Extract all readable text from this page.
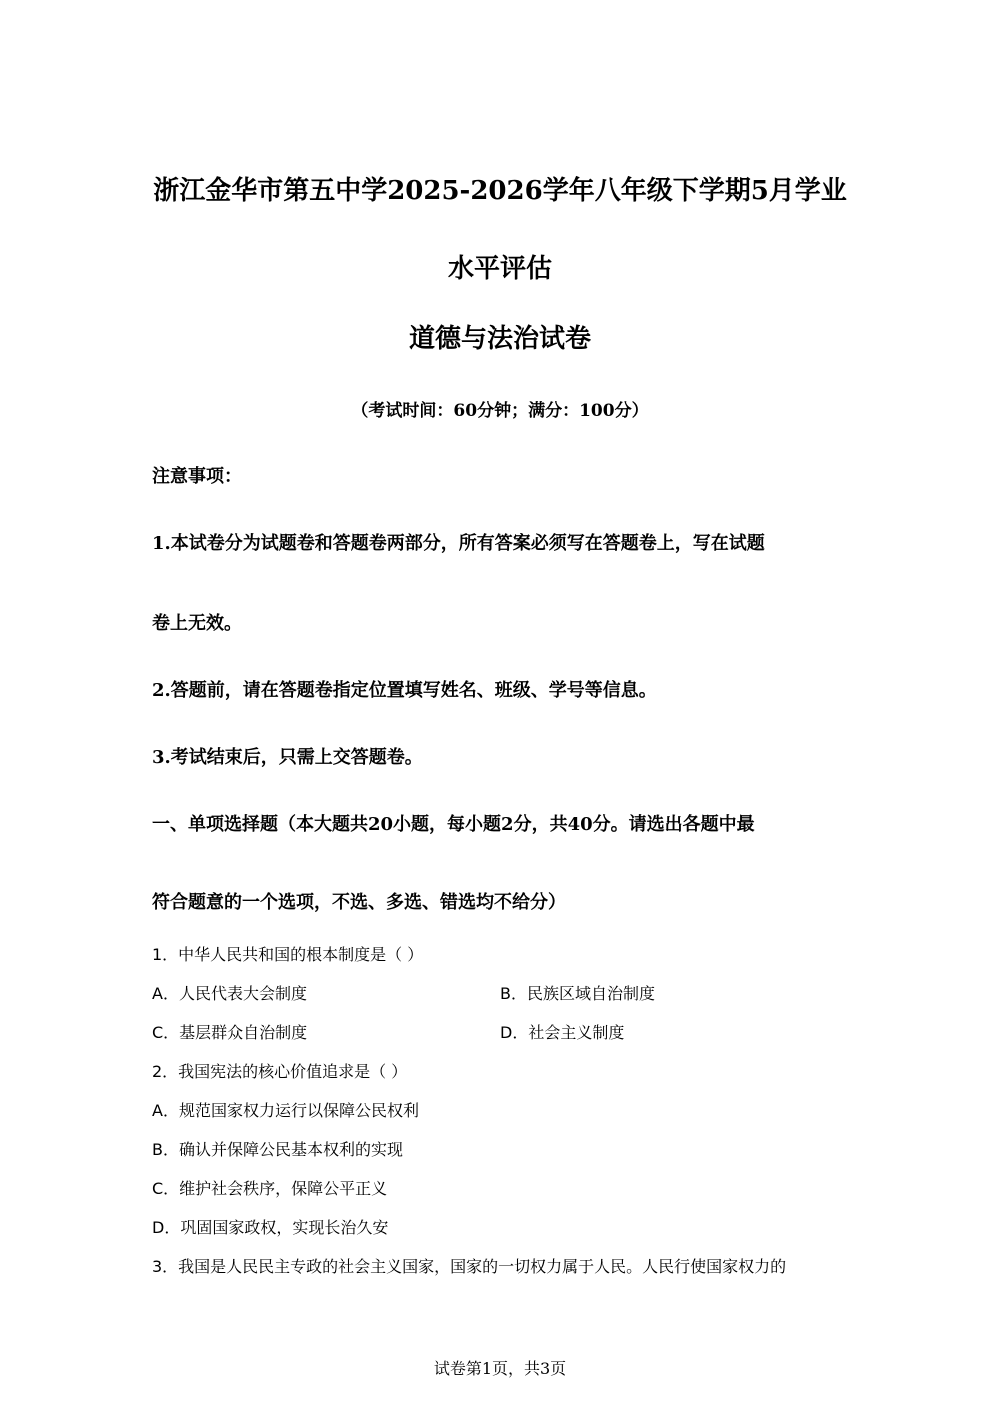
浙江金华市第五中学2025-2026学年八年级下学期5月学业
水平评估
道德与法治试卷
（考试时间：60分钟；满分：100分）
注意事项：
1.本试卷分为试题卷和答题卷两部分，所有答案必须写在答题卷上，写在试题
卷上无效。
2.答题前，请在答题卷指定位置填写姓名、班级、学号等信息。
3.考试结束后，只需上交答题卷。
一、单项选择题（本大题共20小题，每小题2分，共40分。请选出各题中最
符合题意的一个选项，不选、多选、错选均不给分）
1．中华人民共和国的根本制度是（ ）
A．人民代表大会制度	B．民族区域自治制度
C．基层群众自治制度	D．社会主义制度
2．我国宪法的核心价值追求是（ ）
A．规范国家权力运行以保障公民权利
B．确认并保障公民基本权利的实现
C．维护社会秩序，保障公平正义
D．巩固国家政权，实现长治久安
3．我国是人民民主专政的社会主义国家，国家的一切权力属于人民。人民行使国家权力的
试卷第1页，共3页
